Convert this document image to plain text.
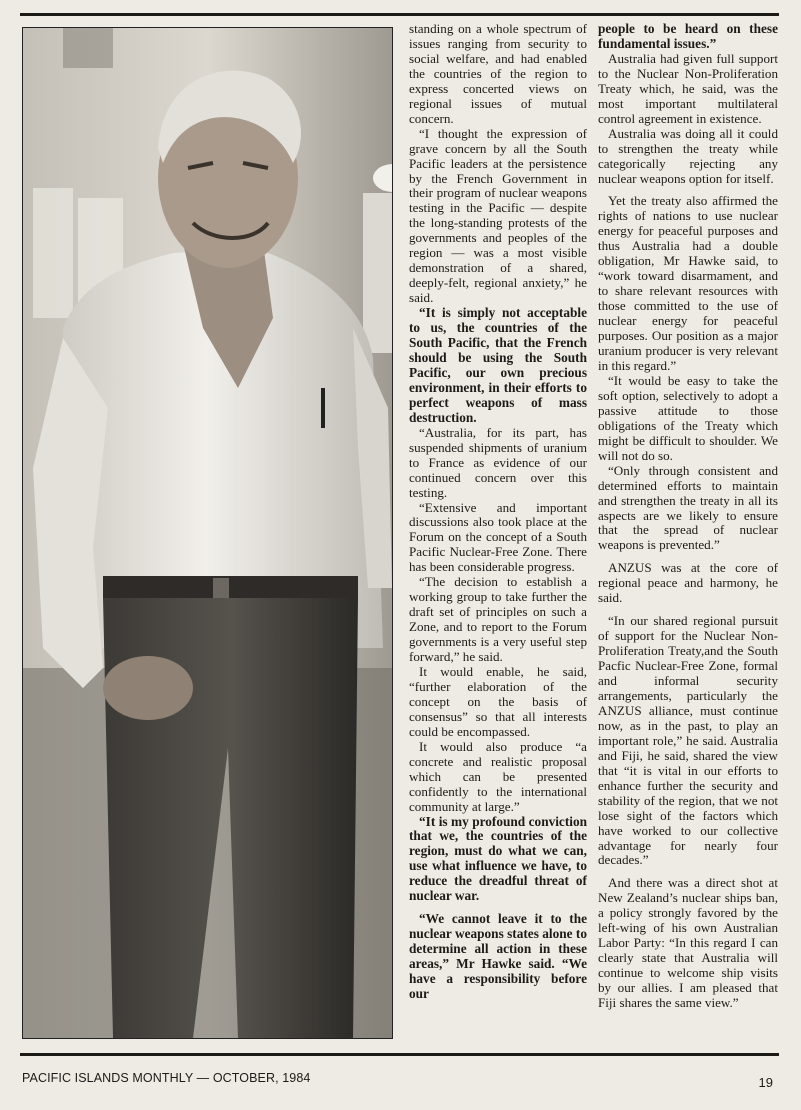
standing on a whole spectrum of issues ranging from security to social welfare, and had enabled the countries of the region to express concerted views on regional issues of mutual concern.

“I thought the expression of grave concern by all the South Pacific leaders at the persistence by the French Government in their program of nuclear weapons testing in the Pacific — despite the long-standing protests of the governments and peoples of the region — was a most visible demonstration of a shared, deeply-felt, regional anxiety,” he said.

“It is simply not acceptable to us, the countries of the South Pacific, that the French should be using the South Pacific, our own precious environment, in their efforts to perfect weapons of mass destruction.

“Australia, for its part, has suspended shipments of uranium to France as evidence of our continued concern over this testing.

“Extensive and important discussions also took place at the Forum on the concept of a South Pacific Nuclear-Free Zone. There has been considerable progress.

“The decision to establish a working group to take further the draft set of principles on such a Zone, and to report to the Forum governments is a very useful step forward,” he said.

It would enable, he said, “further elaboration of the concept on the basis of consensus” so that all interests could be encompassed.

It would also produce “a concrete and realistic proposal which can be presented confidently to the international community at large.”

“It is my profound conviction that we, the countries of the region, must do what we can, use what influence we have, to reduce the dreadful threat of nuclear war.

“We cannot leave it to the nuclear weapons states alone to determine all action in these areas,” Mr Hawke said. “We have a responsibility before our

people to be heard on these fundamental issues.”

Australia had given full support to the Nuclear Non-Proliferation Treaty which, he said, was the most important multilateral control agreement in existence.

Australia was doing all it could to strengthen the treaty while categorically rejecting any nuclear weapons option for itself.

Yet the treaty also affirmed the rights of nations to use nuclear energy for peaceful purposes and thus Australia had a double obligation, Mr Hawke said, to “work toward disarmament, and to share relevant resources with those committed to the use of nuclear energy for peaceful purposes. Our position as a major uranium producer is very relevant in this regard.”

“It would be easy to take the soft option, selectively to adopt a passive attitude to those obligations of the Treaty which might be difficult to shoulder. We will not do so.

“Only through consistent and determined efforts to maintain and strengthen the treaty in all its aspects are we likely to ensure that the spread of nuclear weapons is prevented.”

ANZUS was at the core of regional peace and harmony, he said.

“In our shared regional pursuit of support for the Nuclear Non-Proliferation Treaty,and the South Pacfic Nuclear-Free Zone, formal and informal security arrangements, particularly the ANZUS alliance, must continue now, as in the past, to play an important role,” he said. Australia and Fiji, he said, shared the view that “it is vital in our efforts to enhance further the security and stability of the region, that we not lose sight of the factors which have worked to our collective advantage for nearly four decades.”

And there was a direct shot at New Zealand’s nuclear ships ban, a policy strongly favored by the left-wing of his own Australian Labor Party: “In this regard I can clearly state that Australia will continue to welcome ship visits by our allies. I am pleased that Fiji shares the same view.”

PACIFIC ISLANDS MONTHLY — OCTOBER, 1984	19
